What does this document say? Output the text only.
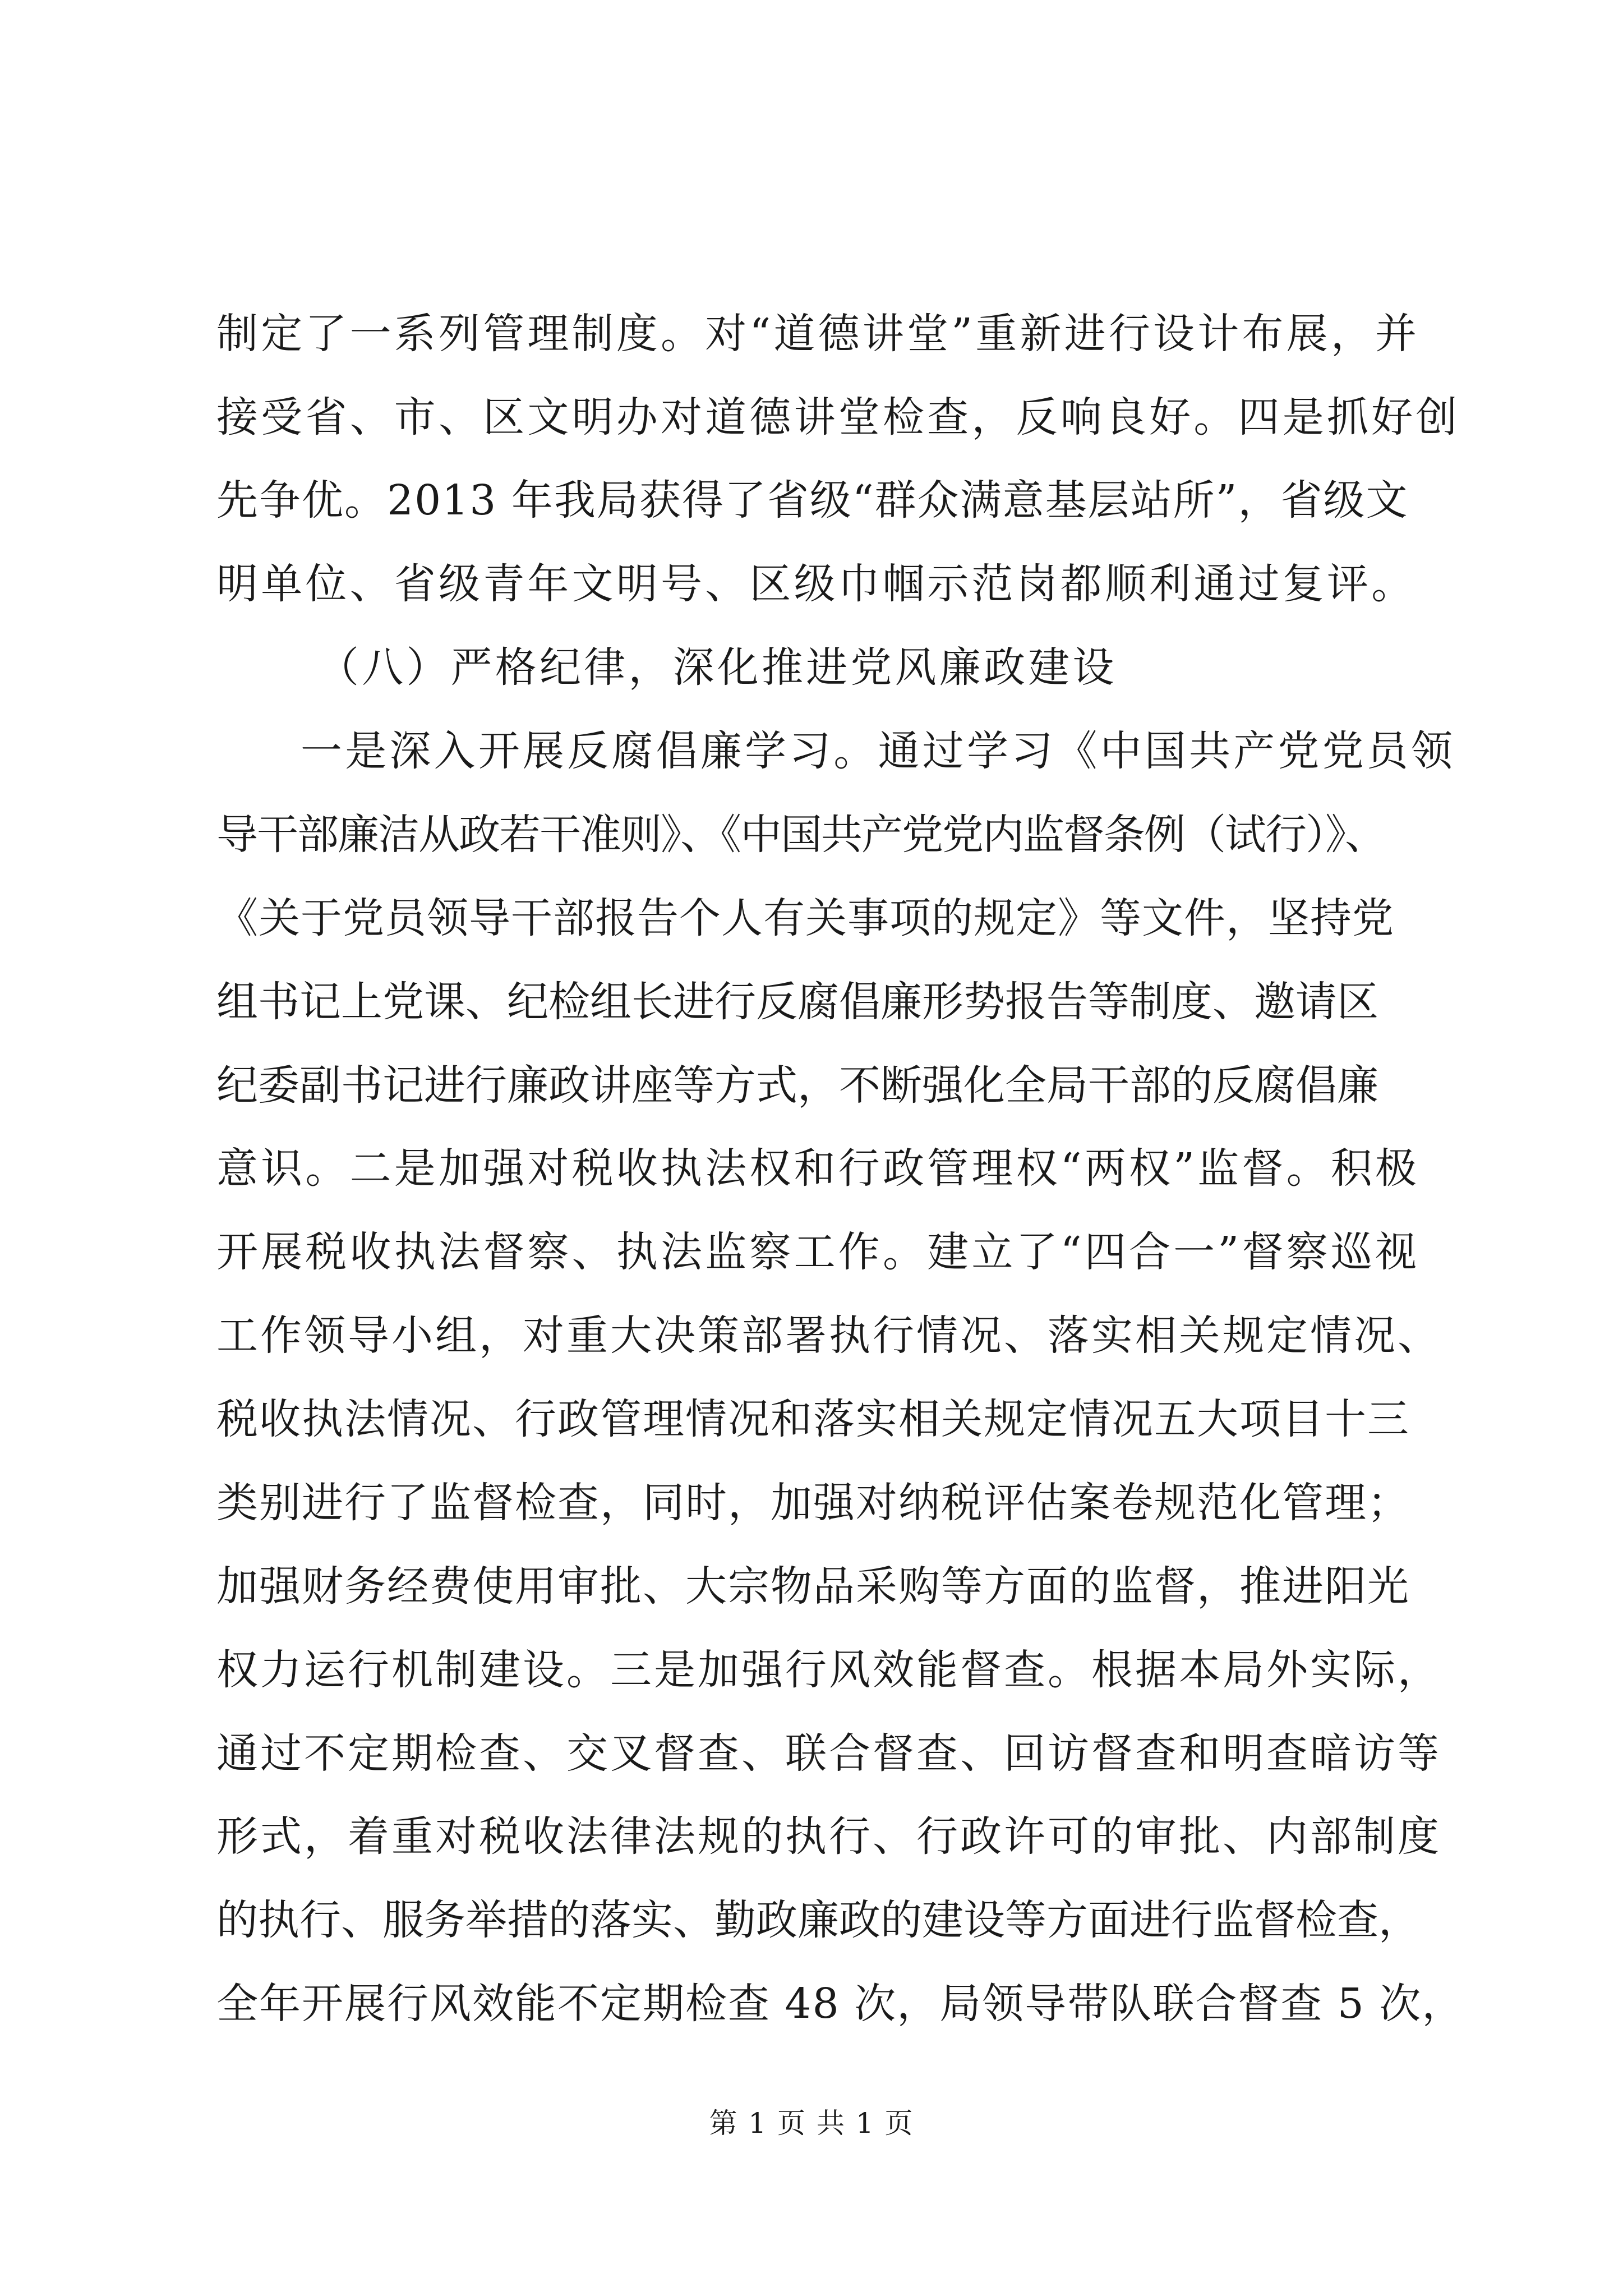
制定了一系列管理制度。对“道德讲堂”重新进行设计布展，并
接受省、市、区文明办对道德讲堂检查，反响良好。四是抓好创
先争优。2013 年我局获得了省级“群众满意基层站所”，省级文
明单位、省级青年文明号、区级巾帼示范岗都顺利通过复评。
（八）严格纪律，深化推进党风廉政建设
一是深入开展反腐倡廉学习。通过学习《中国共产党党员领
导干部廉洁从政若干准则》、《中国共产党党内监督条例（试行）》、
《关于党员领导干部报告个人有关事项的规定》等文件，坚持党
组书记上党课、纪检组长进行反腐倡廉形势报告等制度、邀请区
纪委副书记进行廉政讲座等方式，不断强化全局干部的反腐倡廉
意识。二是加强对税收执法权和行政管理权“两权”监督。积极
开展税收执法督察、执法监察工作。建立了“四合一”督察巡视
工作领导小组，对重大决策部署执行情况、落实相关规定情况、
税收执法情况、行政管理情况和落实相关规定情况五大项目十三
类别进行了监督检查，同时，加强对纳税评估案卷规范化管理；
加强财务经费使用审批、大宗物品采购等方面的监督，推进阳光
权力运行机制建设。三是加强行风效能督查。根据本局外实际，
通过不定期检查、交叉督查、联合督查、回访督查和明查暗访等
形式，着重对税收法律法规的执行、行政许可的审批、内部制度
的执行、服务举措的落实、勤政廉政的建设等方面进行监督检查，
全年开展行风效能不定期检查 48 次，局领导带队联合督查 5 次，
第 1 页 共 1 页
